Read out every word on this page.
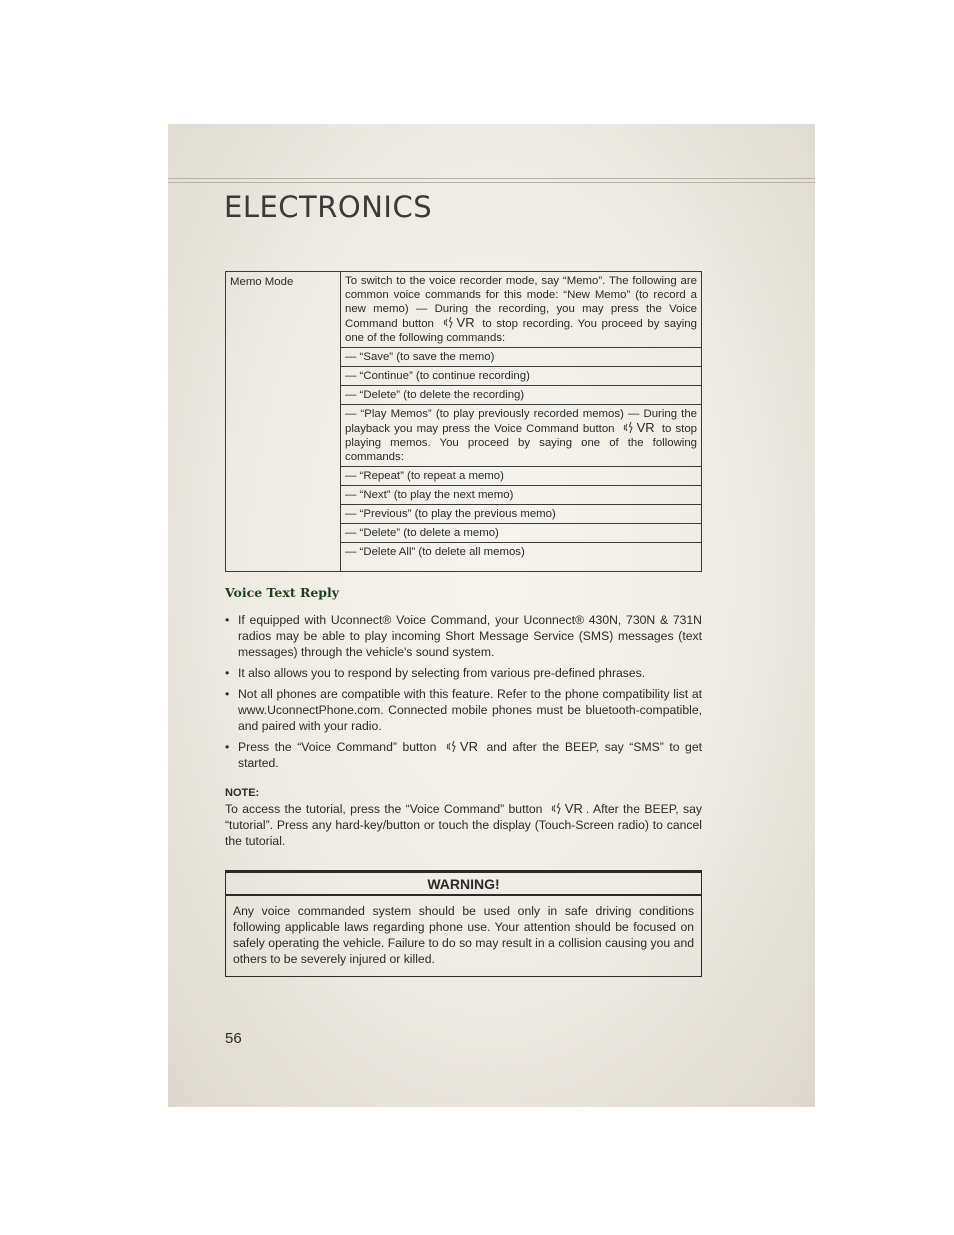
ELECTRONICS
Memo Mode	To switch to the voice recorder mode, say “Memo”. The following are common voice commands for this mode: “New Memo” (to record a new memo) — During the recording, you may press the Voice Command button VR to stop recording. You proceed by saying one of the following commands:
— “Save” (to save the memo)
— “Continue” (to continue recording)
— “Delete” (to delete the recording)
— “Play Memos” (to play previously recorded memos) — During the playback you may press the Voice Command button VR to stop playing memos. You proceed by saying one of the following commands:
— “Repeat” (to repeat a memo)
— “Next” (to play the next memo)
— “Previous” (to play the previous memo)
— “Delete” (to delete a memo)
— “Delete All” (to delete all memos)
Voice Text Reply
• If equipped with Uconnect® Voice Command, your Uconnect® 430N, 730N & 731N radios may be able to play incoming Short Message Service (SMS) messages (text messages) through the vehicle's sound system.
• It also allows you to respond by selecting from various pre-defined phrases.
• Not all phones are compatible with this feature. Refer to the phone compatibility list at www.UconnectPhone.com. Connected mobile phones must be bluetooth-compatible, and paired with your radio.
• Press the “Voice Command” button VR and after the BEEP, say “SMS” to get started.
NOTE:
To access the tutorial, press the “Voice Command” button VR . After the BEEP, say “tutorial”. Press any hard-key/button or touch the display (Touch-Screen radio) to cancel the tutorial.
WARNING!
Any voice commanded system should be used only in safe driving conditions following applicable laws regarding phone use. Your attention should be focused on safely operating the vehicle. Failure to do so may result in a collision causing you and others to be severely injured or killed.
56
